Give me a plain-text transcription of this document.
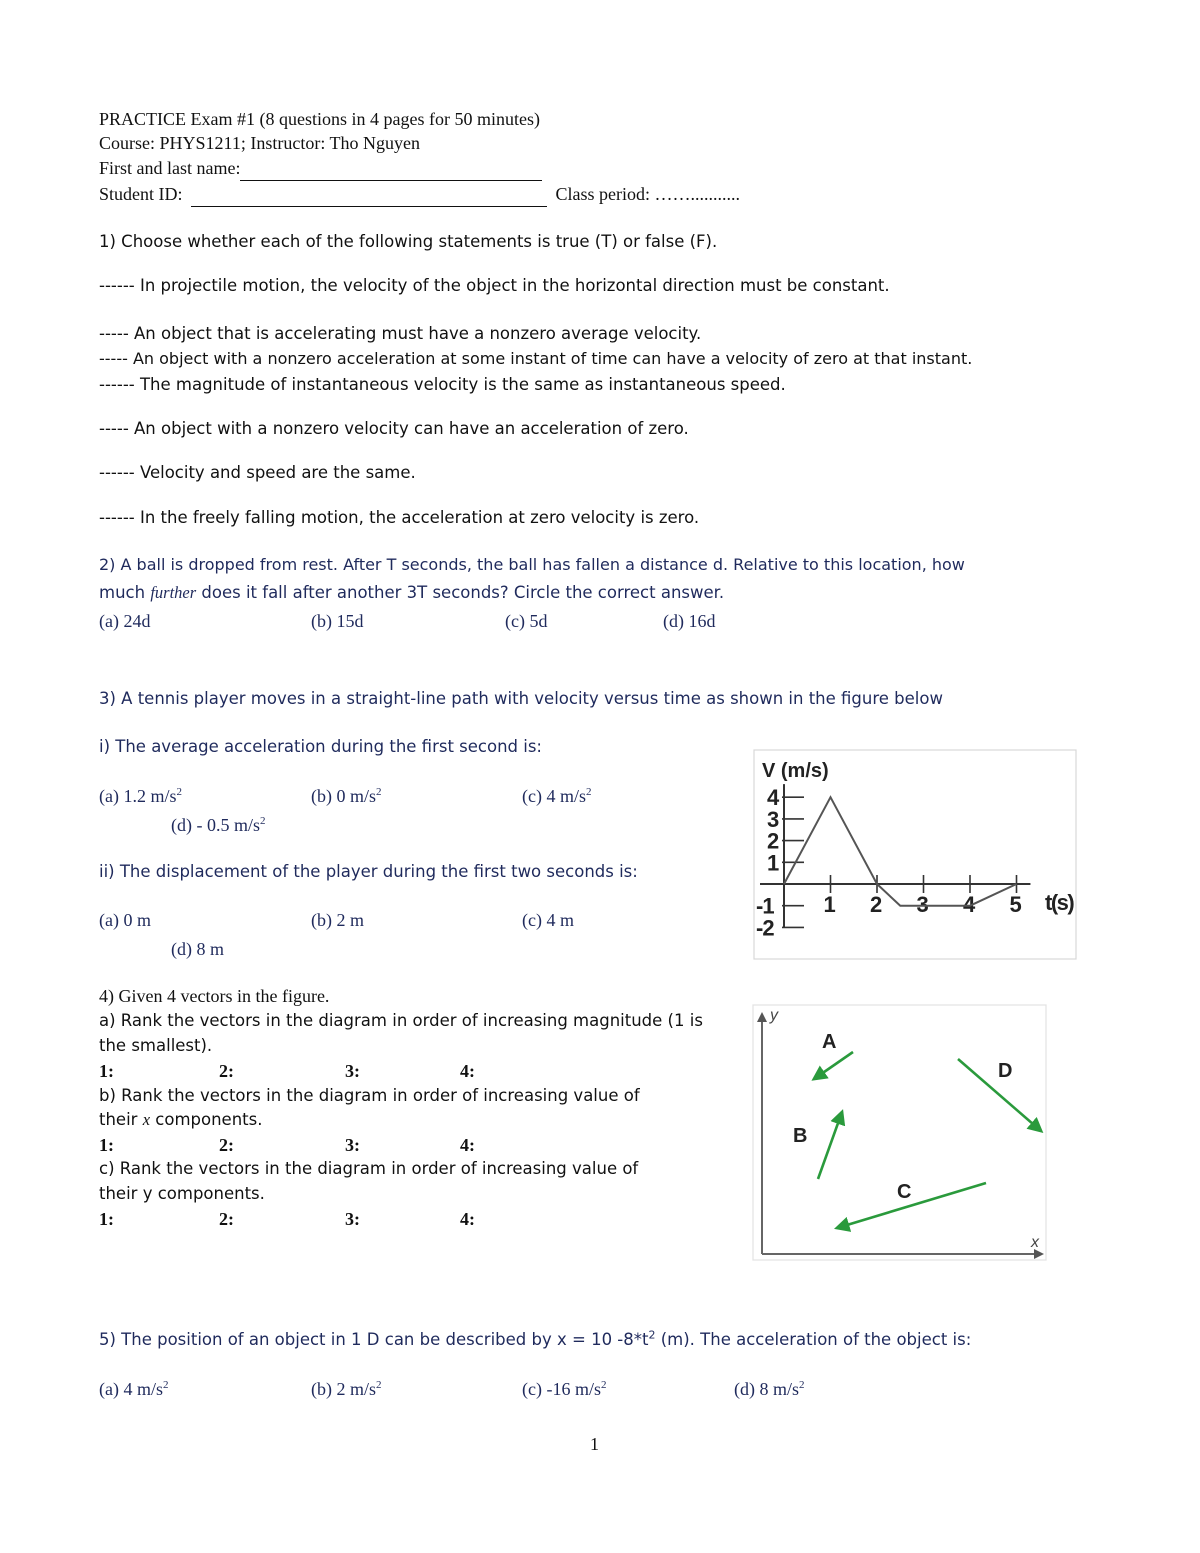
PRACTICE Exam #1 (8 questions in 4 pages for 50 minutes)
Course: PHYS1211; Instructor: Tho Nguyen
First and last name:
Student ID:	Class period: ……...........
1) Choose whether each of the following statements is true (T) or false (F).
------ In projectile motion, the velocity of the object in the horizontal direction must be constant.
----- An object that is accelerating must have a nonzero average velocity.
----- An object with a nonzero acceleration at some instant of time can have a velocity of zero at that instant.
------ The magnitude of instantaneous velocity is the same as instantaneous speed.
----- An object with a nonzero velocity can have an acceleration of zero.
------ Velocity and speed are the same.
------ In the freely falling motion, the acceleration at zero velocity is zero.
2) A ball is dropped from rest. After T seconds, the ball has fallen a distance d. Relative to this location, how
much further does it fall after another 3T seconds? Circle the correct answer.
(a) 24d	(b) 15d	(c) 5d	(d) 16d
3) A tennis player moves in a straight-line path with velocity versus time as shown in the figure below
i) The average acceleration during the first second is:
(a) 1.2 $m/s^2$	(b) 0 $m/s^2$	(c) 4 $m/s^2$
(d) - 0.5 $m/s^2$
ii) The displacement of the player during the first two seconds is:
(a) 0 m	(b) 2 m	(c) 4 m
(d) 8 m
V (m/s)
t(s)
1 2 3 4 5
4
3
2
1
-1
-2
4) Given 4 vectors in the figure.
a) Rank the vectors in the diagram in order of increasing magnitude (1 is
the smallest).
1:	2:	3:	4:
b) Rank the vectors in the diagram in order of increasing value of
their x components.
1:	2:	3:	4:
c) Rank the vectors in the diagram in order of increasing value of
their y components.
1:	2:	3:	4:
y
x
A
B
C
D
5) The position of an object in 1 D can be described by x = 10 $-8*t^2$ (m). The acceleration of the object is:
(a) 4 $m/s^2$	(b) 2 $m/s^2$	(c) -16 $m/s^2$	(d) 8 $m/s^2$
1
